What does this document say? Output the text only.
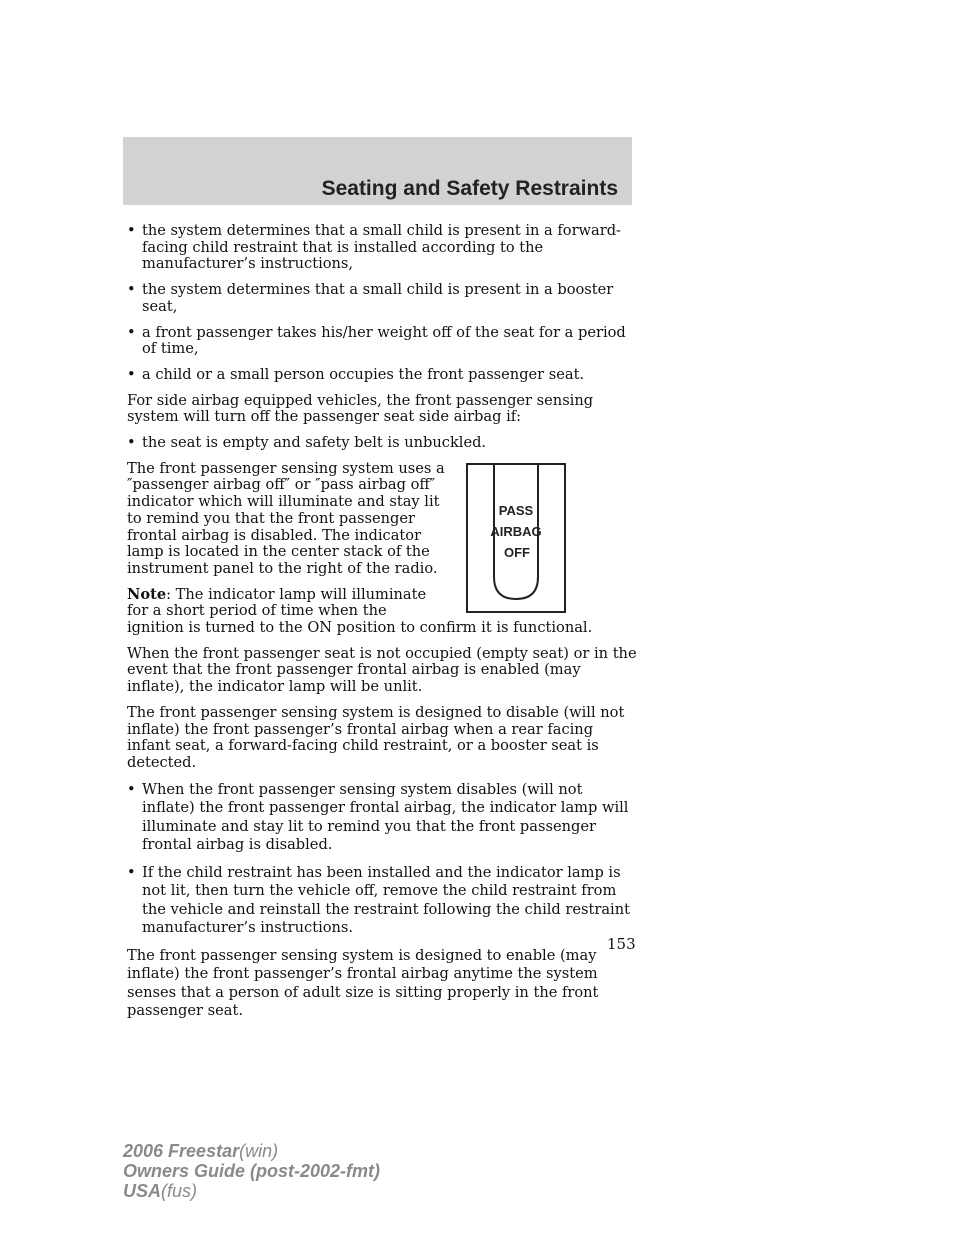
Seating and Safety Restraints
• the system determines that a small child is present in a forward-facing child restraint that is installed according to the manufacturer’s instructions,
• the system determines that a small child is present in a booster seat,
• a front passenger takes his/her weight off of the seat for a period of time,
• a child or a small person occupies the front passenger seat.

For side airbag equipped vehicles, the front passenger sensing system will turn off the passenger seat side airbag if:

• the seat is empty and safety belt is unbuckled.
PASS
AIRBAG
OFF

The front passenger sensing system uses a ″passenger airbag off″ or ″pass airbag off″ indicator which will illuminate and stay lit to remind you that the front passenger frontal airbag is disabled. The indicator lamp is located in the center stack of the instrument panel to the right of the radio.

Note: The indicator lamp will illuminate for a short period of time when the ignition is turned to the ON position to confirm it is functional.

When the front passenger seat is not occupied (empty seat) or in the event that the front passenger frontal airbag is enabled (may inflate), the indicator lamp will be unlit.

The front passenger sensing system is designed to disable (will not inflate) the front passenger’s frontal airbag when a rear facing infant seat, a forward-facing child restraint, or a booster seat is detected.

• When the front passenger sensing system disables (will not inflate) the front passenger frontal airbag, the indicator lamp will illuminate and stay lit to remind you that the front passenger frontal airbag is disabled.
• If the child restraint has been installed and the indicator lamp is not lit, then turn the vehicle off, remove the child restraint from the vehicle and reinstall the restraint following the child restraint manufacturer’s instructions.

The front passenger sensing system is designed to enable (may inflate) the front passenger’s frontal airbag anytime the system senses that a person of adult size is sitting properly in the front passenger seat.

153
2006 Freestar(win)
Owners Guide (post-2002-fmt)
USA(fus)
